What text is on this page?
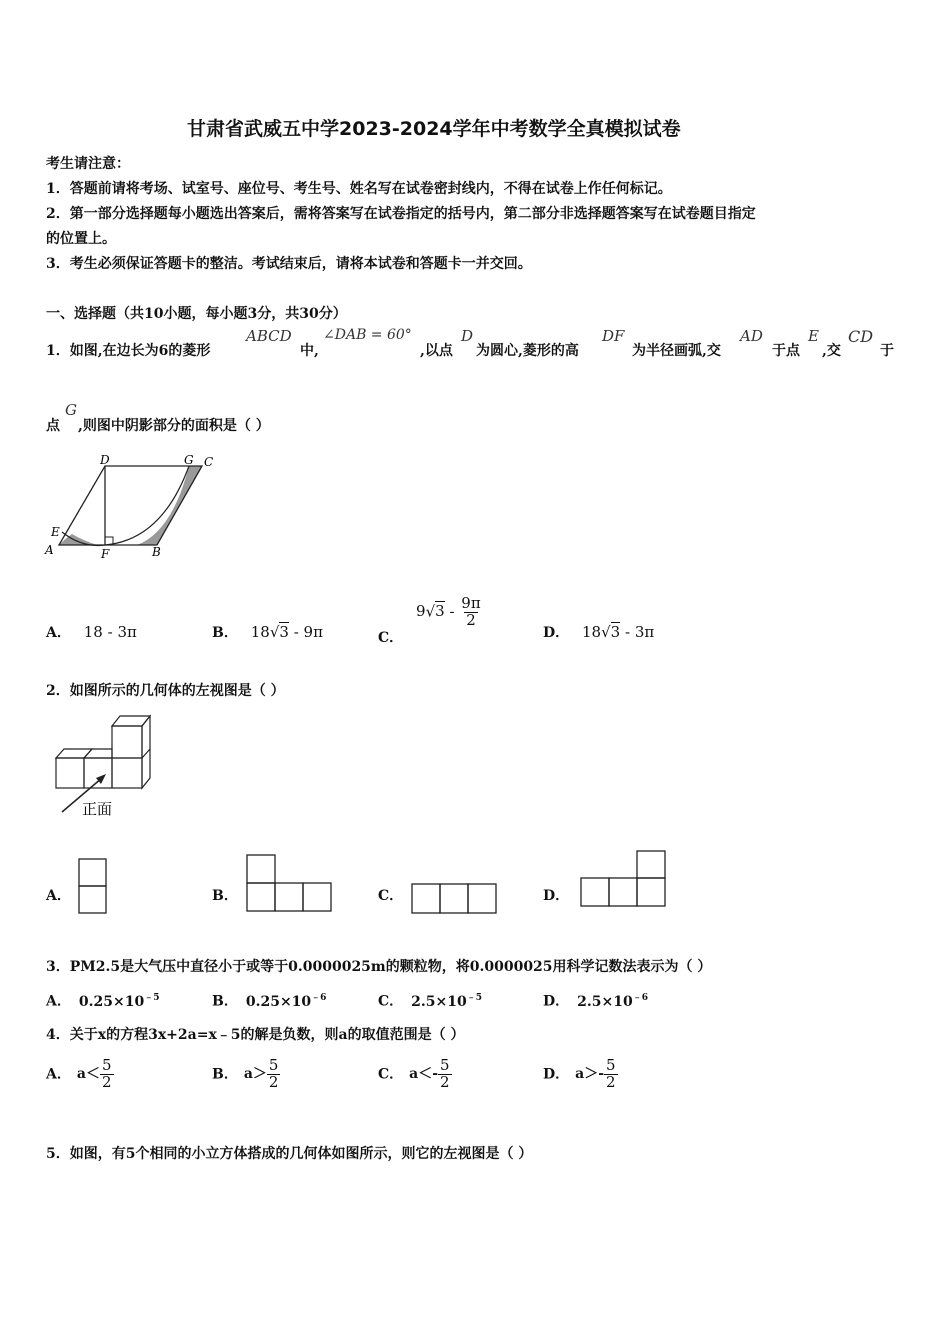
甘肃省武威五中学2023-2024学年中考数学全真模拟试卷
考生请注意：
1．答题前请将考场、试室号、座位号、考生号、姓名写在试卷密封线内，不得在试卷上作任何标记。
2．第一部分选择题每小题选出答案后，需将答案写在试卷指定的括号内，第二部分非选择题答案写在试卷题目指定
的位置上。
3．考生必须保证答题卡的整洁。考试结束后，请将本试卷和答题卡一并交回。
一、选择题（共10小题，每小题3分，共30分）
1．如图,在边长为6的菱形
ABCD
中,
∠DAB = 60°
,以点
D
为圆心,菱形的高
DF
为半径画弧,交
AD
于点
E
,交
CD
于
点
G
,则图中阴影部分的面积是（ ）
D	G C
E
A	F	B
A． 18 - 3π	B． 18√3 - 9π	C． $9√3 - \frac{9\pi}{2}$
D． 18√3 - 3π
2．如图所示的几何体的左视图是（ ）
正面
A．	B．	C．	D．
3．PM2.5是大气压中直径小于或等于0.0000025m的颗粒物，将0.0000025用科学记数法表示为（ ）
A． $0.25\times 10^{﹣5}$	B． $0.25\times 10^{﹣6}$	C． $2.5\times 10^{﹣5}$	D． $2.5\times 10^{﹣6}$
4．关于x的方程3x+2a=x﹣5的解是负数，则a的取值范围是（ ）
A． $a< \frac{5}{2}$	B． $a> \frac{5}{2}$	C． $a<- \frac{5}{2}$	D． $a>- \frac{5}{2}$
5．如图，有5个相同的小立方体搭成的几何体如图所示，则它的左视图是（ ）
